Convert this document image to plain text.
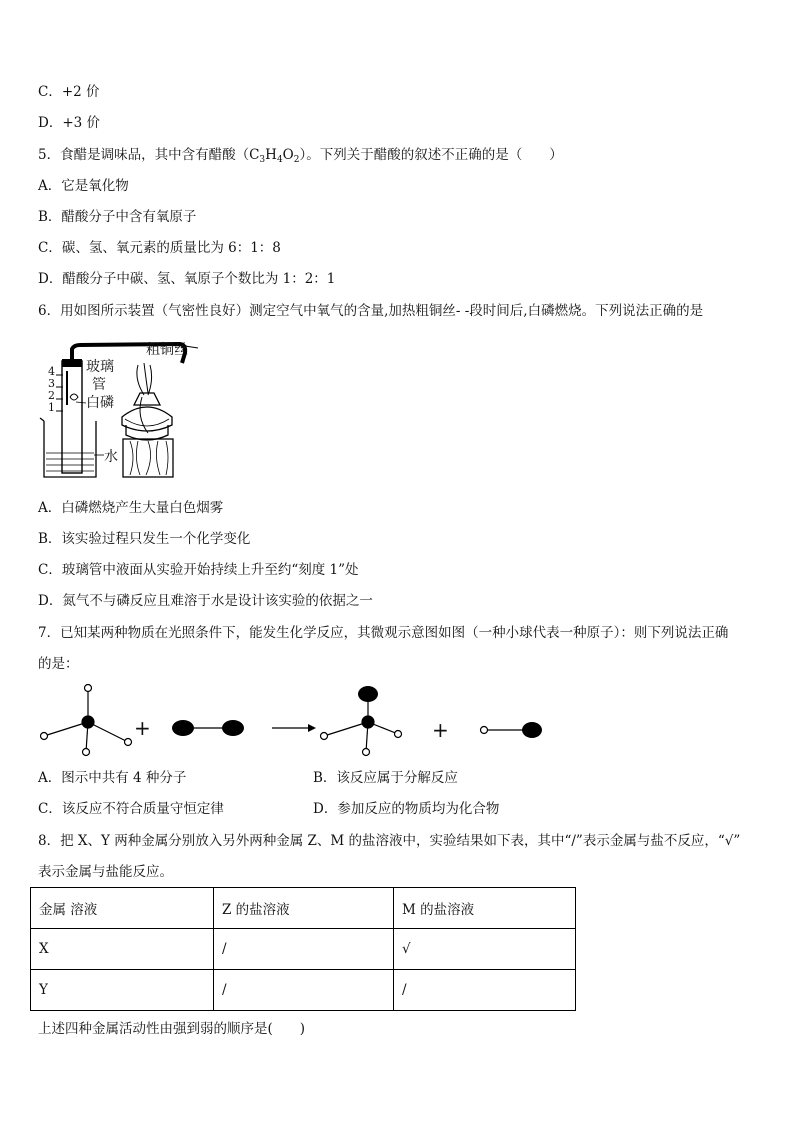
C．+2 价
D．+3 价
5．食醋是调味品，其中含有醋酸$(C_3H_4O_2)$。下列关于醋酸的叙述不正确的是（　　）
A．它是氧化物
B．醋酸分子中含有氧原子
C．碳、氢、氧元素的质量比为 6：1：8
D．醋酸分子中碳、氢、氧原子个数比为 1：2：1
6．用如图所示装置（气密性良好）测定空气中氧气的含量,加热粗铜丝- -段时间后,白磷燃烧。下列说法正确的是
粗铜丝
玻璃
管
白磷
水
4
3
2
1
A．白磷燃烧产生大量白色烟雾
B．该实验过程只发生一个化学变化
C．玻璃管中液面从实验开始持续上升至约“刻度 1”处
D．氮气不与磷反应且难溶于水是设计该实验的依据之一
7．已知某两种物质在光照条件下，能发生化学反应，其微观示意图如图（一种小球代表一种原子）：则下列说法正确
的是：
+	+
A．图示中共有 4 种分子	B．该反应属于分解反应
C．该反应不符合质量守恒定律	D．参加反应的物质均为化合物
8．把 X、Y 两种金属分别放入另外两种金属 Z、M 的盐溶液中，实验结果如下表，其中“/”表示金属与盐不反应，“√”
表示金属与盐能反应。
金属 溶液	Z 的盐溶液	M 的盐溶液
X	/	√
Y	/	/
上述四种金属活动性由强到弱的顺序是(　　)
